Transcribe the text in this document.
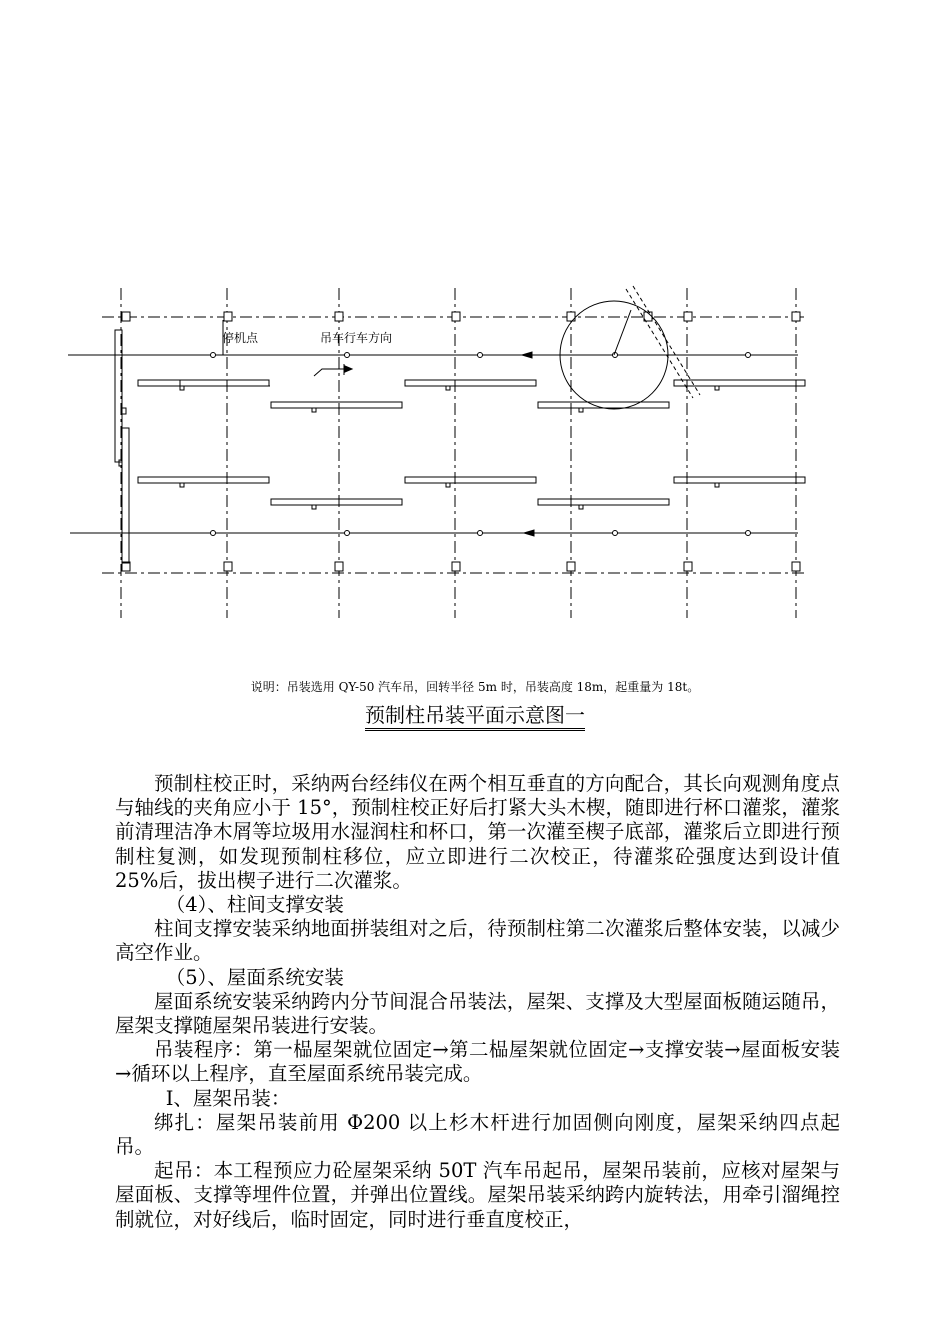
停机点	吊车行车方向
说明：吊装选用 QY-50 汽车吊，回转半径 5m 时，吊装高度 18m，起重量为 18t。
预制柱吊装平面示意图一

预制柱校正时，采纳两台经纬仪在两个相互垂直的方向配合，其长向观测角度点与轴线的夹角应小于 15°，预制柱校正好后打紧大头木楔，随即进行杯口灌浆，灌浆前清理洁净木屑等垃圾用水湿润柱和杯口，第一次灌至楔子底部，灌浆后立即进行预制柱复测，如发现预制柱移位，应立即进行二次校正，待灌浆砼强度达到设计值 25%后，拔出楔子进行二次灌浆。

（4）、柱间支撑安装

柱间支撑安装采纳地面拼装组对之后，待预制柱第二次灌浆后整体安装，以减少高空作业。

（5）、屋面系统安装

屋面系统安装采纳跨内分节间混合吊装法，屋架、支撑及大型屋面板随运随吊，屋架支撑随屋架吊装进行安装。

吊装程序：第一榀屋架就位固定→第二榀屋架就位固定→支撑安装→屋面板安装→循环以上程序，直至屋面系统吊装完成。

Ⅰ、屋架吊装：

绑扎：屋架吊装前用 Φ200 以上杉木杆进行加固侧向刚度，屋架采纳四点起吊。

起吊：本工程预应力砼屋架采纳 50T 汽车吊起吊，屋架吊装前，应核对屋架与屋面板、支撑等埋件位置，并弹出位置线。屋架吊装采纳跨内旋转法，用牵引溜绳控制就位，对好线后，临时固定，同时进行垂直度校正，
